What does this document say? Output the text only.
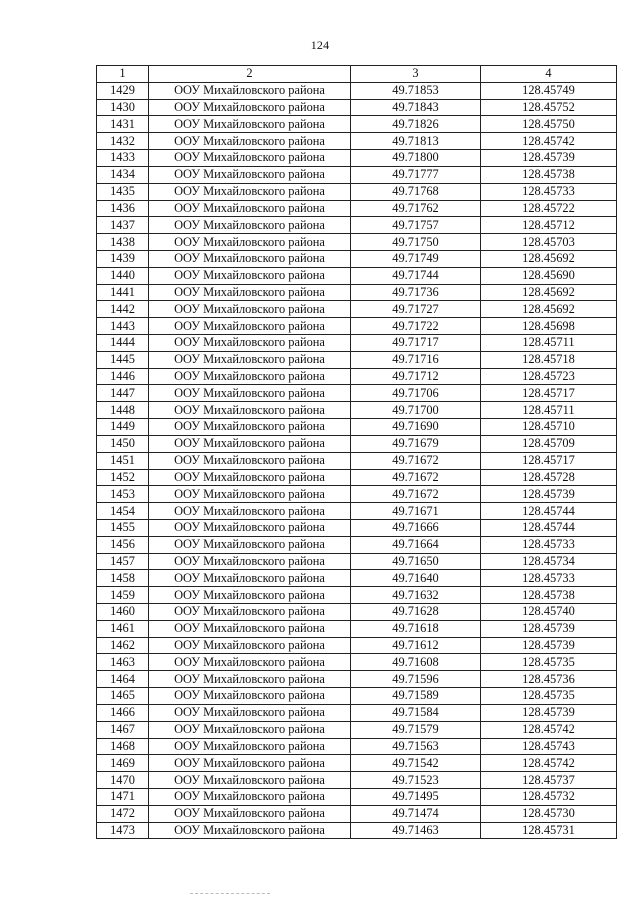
124
1	2	3	4
1429	ООУ Михайловского района	49.71853	128.45749
1430	ООУ Михайловского района	49.71843	128.45752
1431	ООУ Михайловского района	49.71826	128.45750
1432	ООУ Михайловского района	49.71813	128.45742
1433	ООУ Михайловского района	49.71800	128.45739
1434	ООУ Михайловского района	49.71777	128.45738
1435	ООУ Михайловского района	49.71768	128.45733
1436	ООУ Михайловского района	49.71762	128.45722
1437	ООУ Михайловского района	49.71757	128.45712
1438	ООУ Михайловского района	49.71750	128.45703
1439	ООУ Михайловского района	49.71749	128.45692
1440	ООУ Михайловского района	49.71744	128.45690
1441	ООУ Михайловского района	49.71736	128.45692
1442	ООУ Михайловского района	49.71727	128.45692
1443	ООУ Михайловского района	49.71722	128.45698
1444	ООУ Михайловского района	49.71717	128.45711
1445	ООУ Михайловского района	49.71716	128.45718
1446	ООУ Михайловского района	49.71712	128.45723
1447	ООУ Михайловского района	49.71706	128.45717
1448	ООУ Михайловского района	49.71700	128.45711
1449	ООУ Михайловского района	49.71690	128.45710
1450	ООУ Михайловского района	49.71679	128.45709
1451	ООУ Михайловского района	49.71672	128.45717
1452	ООУ Михайловского района	49.71672	128.45728
1453	ООУ Михайловского района	49.71672	128.45739
1454	ООУ Михайловского района	49.71671	128.45744
1455	ООУ Михайловского района	49.71666	128.45744
1456	ООУ Михайловского района	49.71664	128.45733
1457	ООУ Михайловского района	49.71650	128.45734
1458	ООУ Михайловского района	49.71640	128.45733
1459	ООУ Михайловского района	49.71632	128.45738
1460	ООУ Михайловского района	49.71628	128.45740
1461	ООУ Михайловского района	49.71618	128.45739
1462	ООУ Михайловского района	49.71612	128.45739
1463	ООУ Михайловского района	49.71608	128.45735
1464	ООУ Михайловского района	49.71596	128.45736
1465	ООУ Михайловского района	49.71589	128.45735
1466	ООУ Михайловского района	49.71584	128.45739
1467	ООУ Михайловского района	49.71579	128.45742
1468	ООУ Михайловского района	49.71563	128.45743
1469	ООУ Михайловского района	49.71542	128.45742
1470	ООУ Михайловского района	49.71523	128.45737
1471	ООУ Михайловского района	49.71495	128.45732
1472	ООУ Михайловского района	49.71474	128.45730
1473	ООУ Михайловского района	49.71463	128.45731
